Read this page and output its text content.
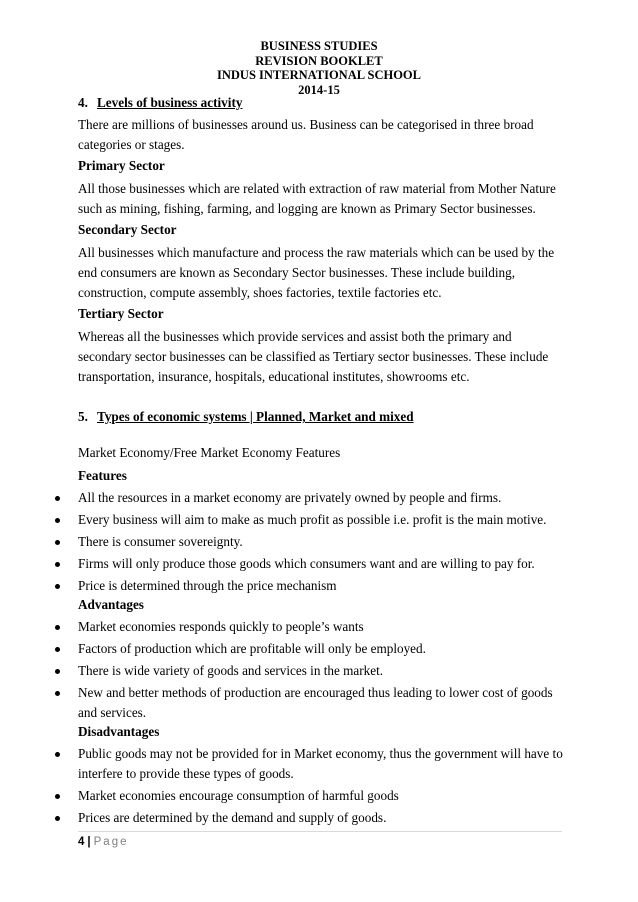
BUSINESS STUDIES
REVISION BOOKLET
INDUS INTERNATIONAL SCHOOL
2014-15
4. Levels of business activity

There are millions of businesses around us. Business can be categorised in three broad categories or stages.

Primary Sector

All those businesses which are related with extraction of raw material from Mother Nature such as mining, fishing, farming, and logging are known as Primary Sector businesses.

Secondary Sector

All businesses which manufacture and process the raw materials which can be used by the end consumers are known as Secondary Sector businesses. These include building, construction, compute assembly, shoes factories, textile factories etc.

Tertiary Sector

Whereas all the businesses which provide services and assist both the primary and secondary sector businesses can be classified as Tertiary sector businesses. These include transportation, insurance, hospitals, educational institutes, showrooms etc.

5. Types of economic systems | Planned, Market and mixed

Market Economy/Free Market Economy Features

Features
All the resources in a market economy are privately owned by people and firms.
Every business will aim to make as much profit as possible i.e. profit is the main motive.
There is consumer sovereignty.
Firms will only produce those goods which consumers want and are willing to pay for.
Price is determined through the price mechanism
Advantages
Market economies responds quickly to people’s wants
Factors of production which are profitable will only be employed.
There is wide variety of goods and services in the market.
New and better methods of production are encouraged thus leading to lower cost of goods and services.
Disadvantages
Public goods may not be provided for in Market economy, thus the government will have to interfere to provide these types of goods.
Market economies encourage consumption of harmful goods
Prices are determined by the demand and supply of goods.
4 | Page
